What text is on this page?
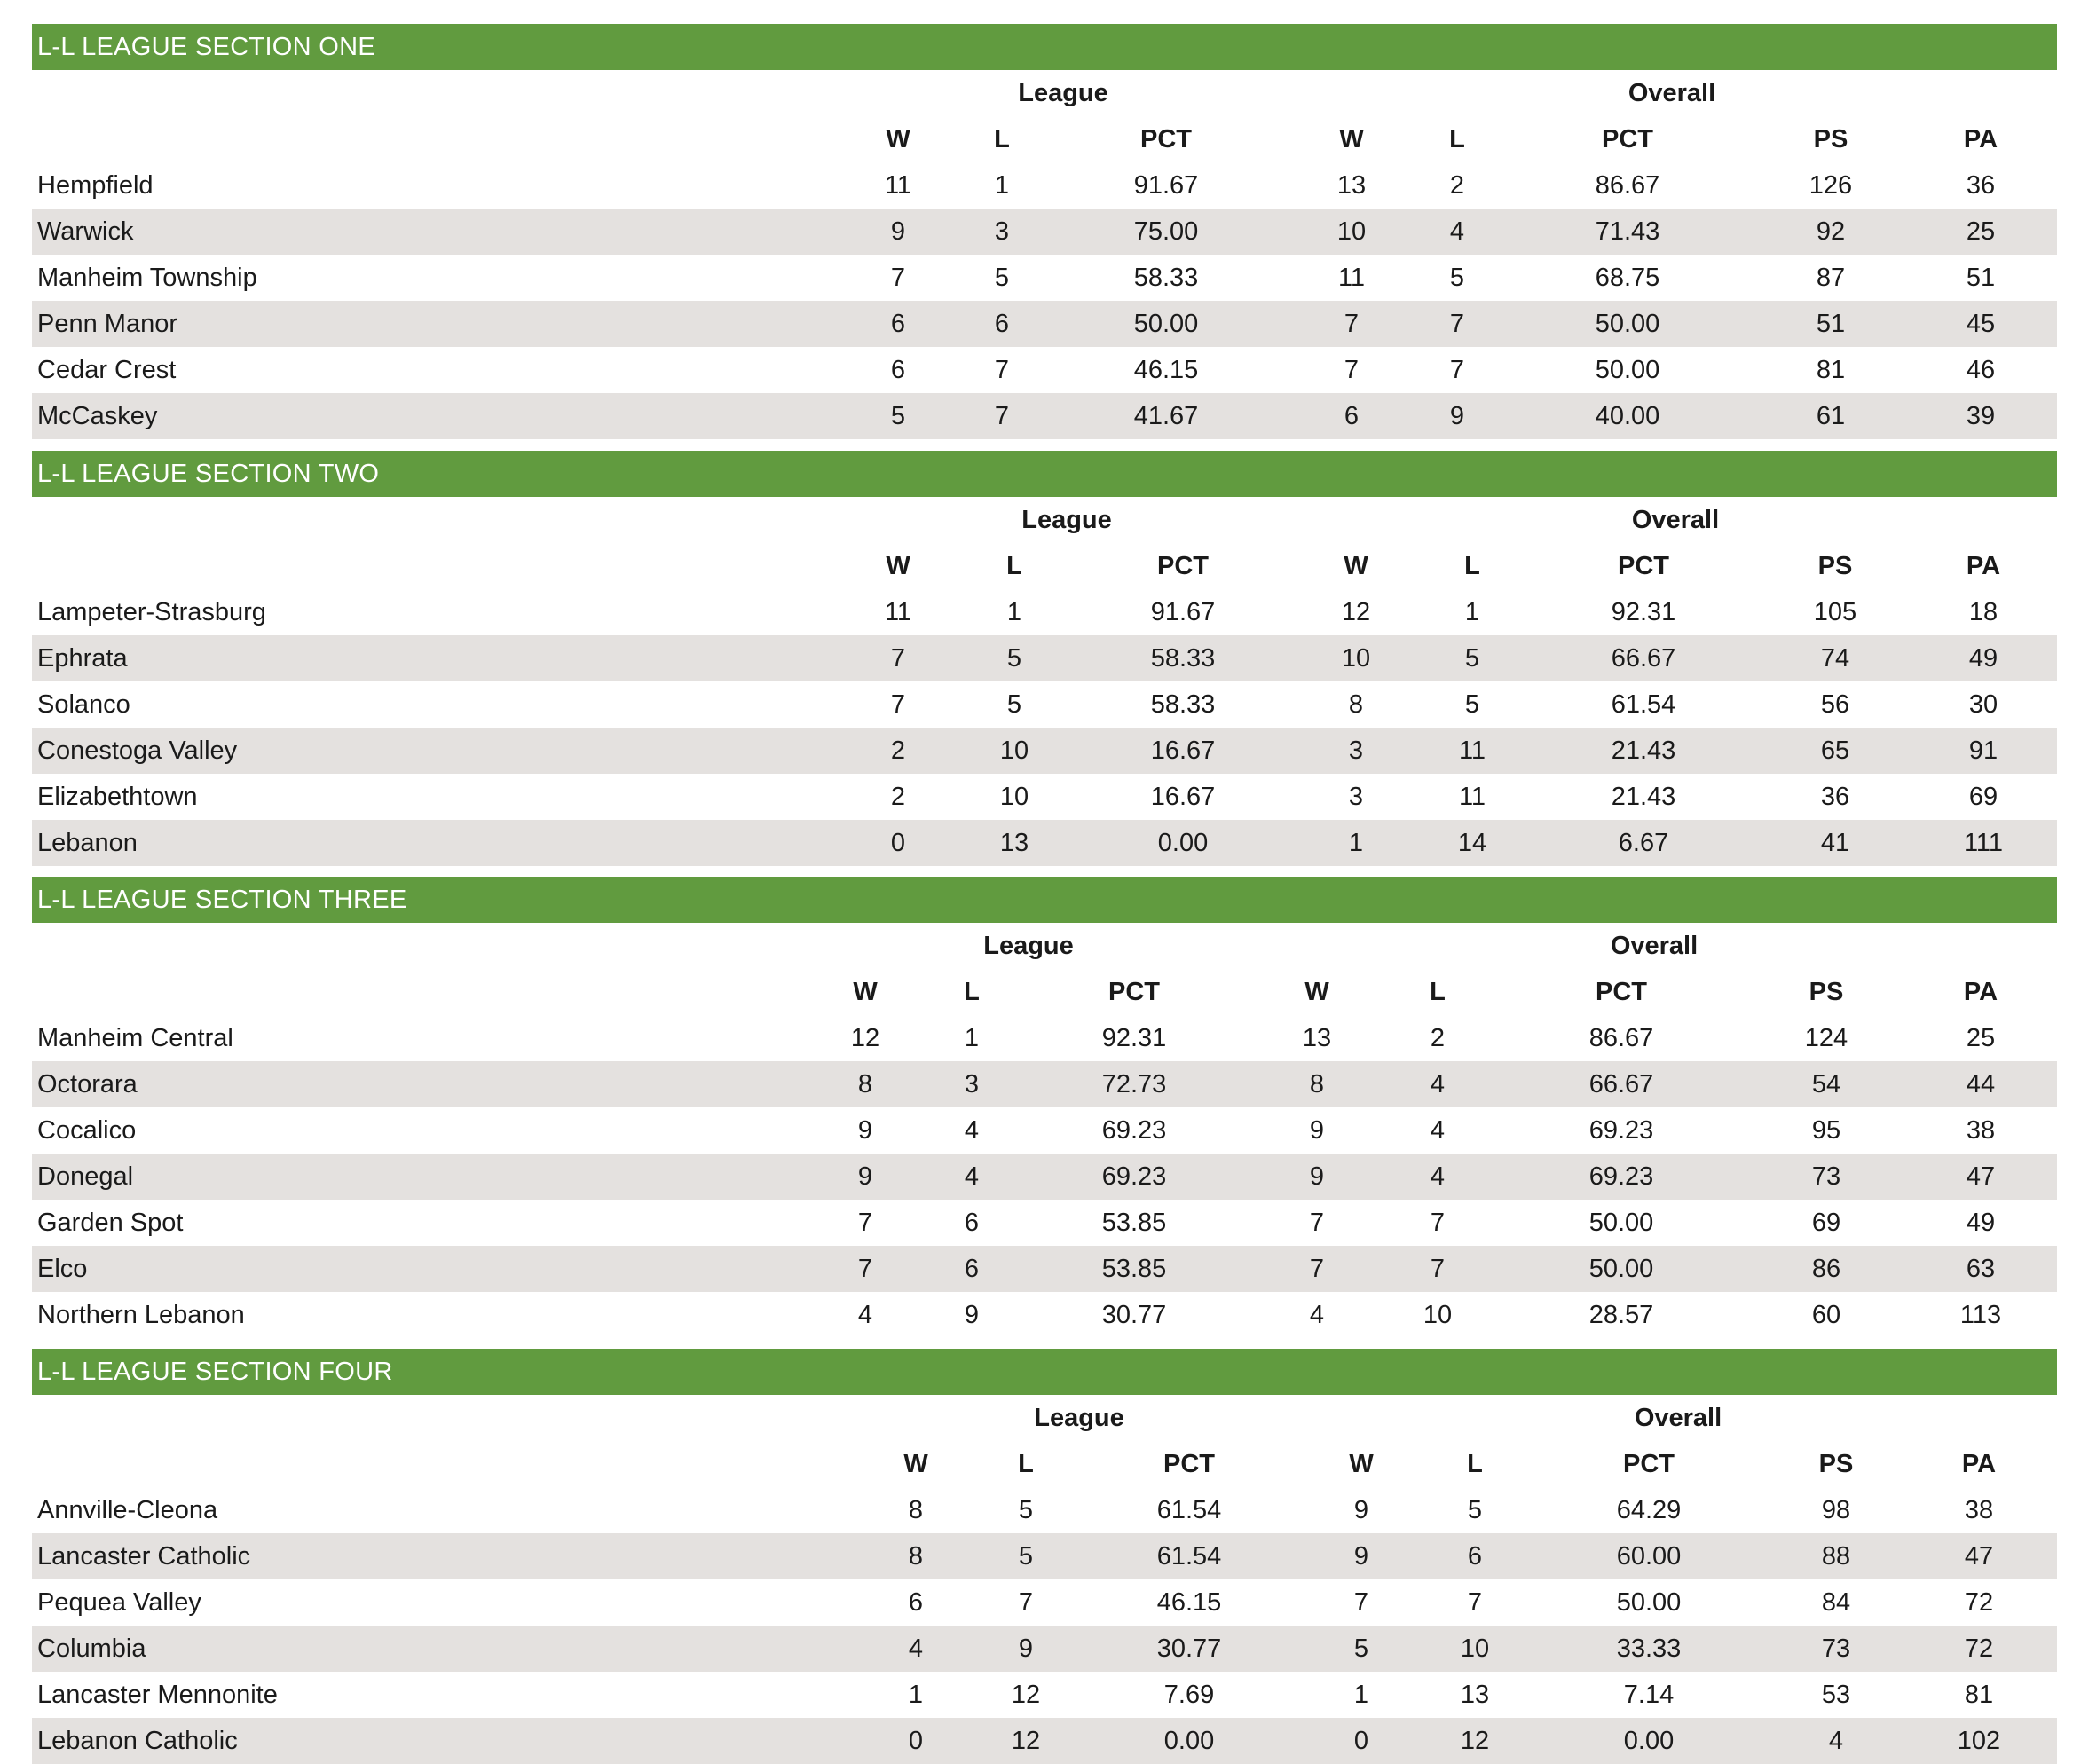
L-L LEAGUE SECTION ONE
League	Overall
W	L	PCT	W	L	PCT	PS	PA
Hempfield	11	1	91.67	13	2	86.67	126	36
Warwick	9	3	75.00	10	4	71.43	92	25
Manheim Township	7	5	58.33	11	5	68.75	87	51
Penn Manor	6	6	50.00	7	7	50.00	51	45
Cedar Crest	6	7	46.15	7	7	50.00	81	46
McCaskey	5	7	41.67	6	9	40.00	61	39
L-L LEAGUE SECTION TWO
League	Overall
W	L	PCT	W	L	PCT	PS	PA
Lampeter-Strasburg	11	1	91.67	12	1	92.31	105	18
Ephrata	7	5	58.33	10	5	66.67	74	49
Solanco	7	5	58.33	8	5	61.54	56	30
Conestoga Valley	2	10	16.67	3	11	21.43	65	91
Elizabethtown	2	10	16.67	3	11	21.43	36	69
Lebanon	0	13	0.00	1	14	6.67	41	111
L-L LEAGUE SECTION THREE
League	Overall
W	L	PCT	W	L	PCT	PS	PA
Manheim Central	12	1	92.31	13	2	86.67	124	25
Octorara	8	3	72.73	8	4	66.67	54	44
Cocalico	9	4	69.23	9	4	69.23	95	38
Donegal	9	4	69.23	9	4	69.23	73	47
Garden Spot	7	6	53.85	7	7	50.00	69	49
Elco	7	6	53.85	7	7	50.00	86	63
Northern Lebanon	4	9	30.77	4	10	28.57	60	113
L-L LEAGUE SECTION FOUR
League	Overall
W	L	PCT	W	L	PCT	PS	PA
Annville-Cleona	8	5	61.54	9	5	64.29	98	38
Lancaster Catholic	8	5	61.54	9	6	60.00	88	47
Pequea Valley	6	7	46.15	7	7	50.00	84	72
Columbia	4	9	30.77	5	10	33.33	73	72
Lancaster Mennonite	1	12	7.69	1	13	7.14	53	81
Lebanon Catholic	0	12	0.00	0	12	0.00	4	102
